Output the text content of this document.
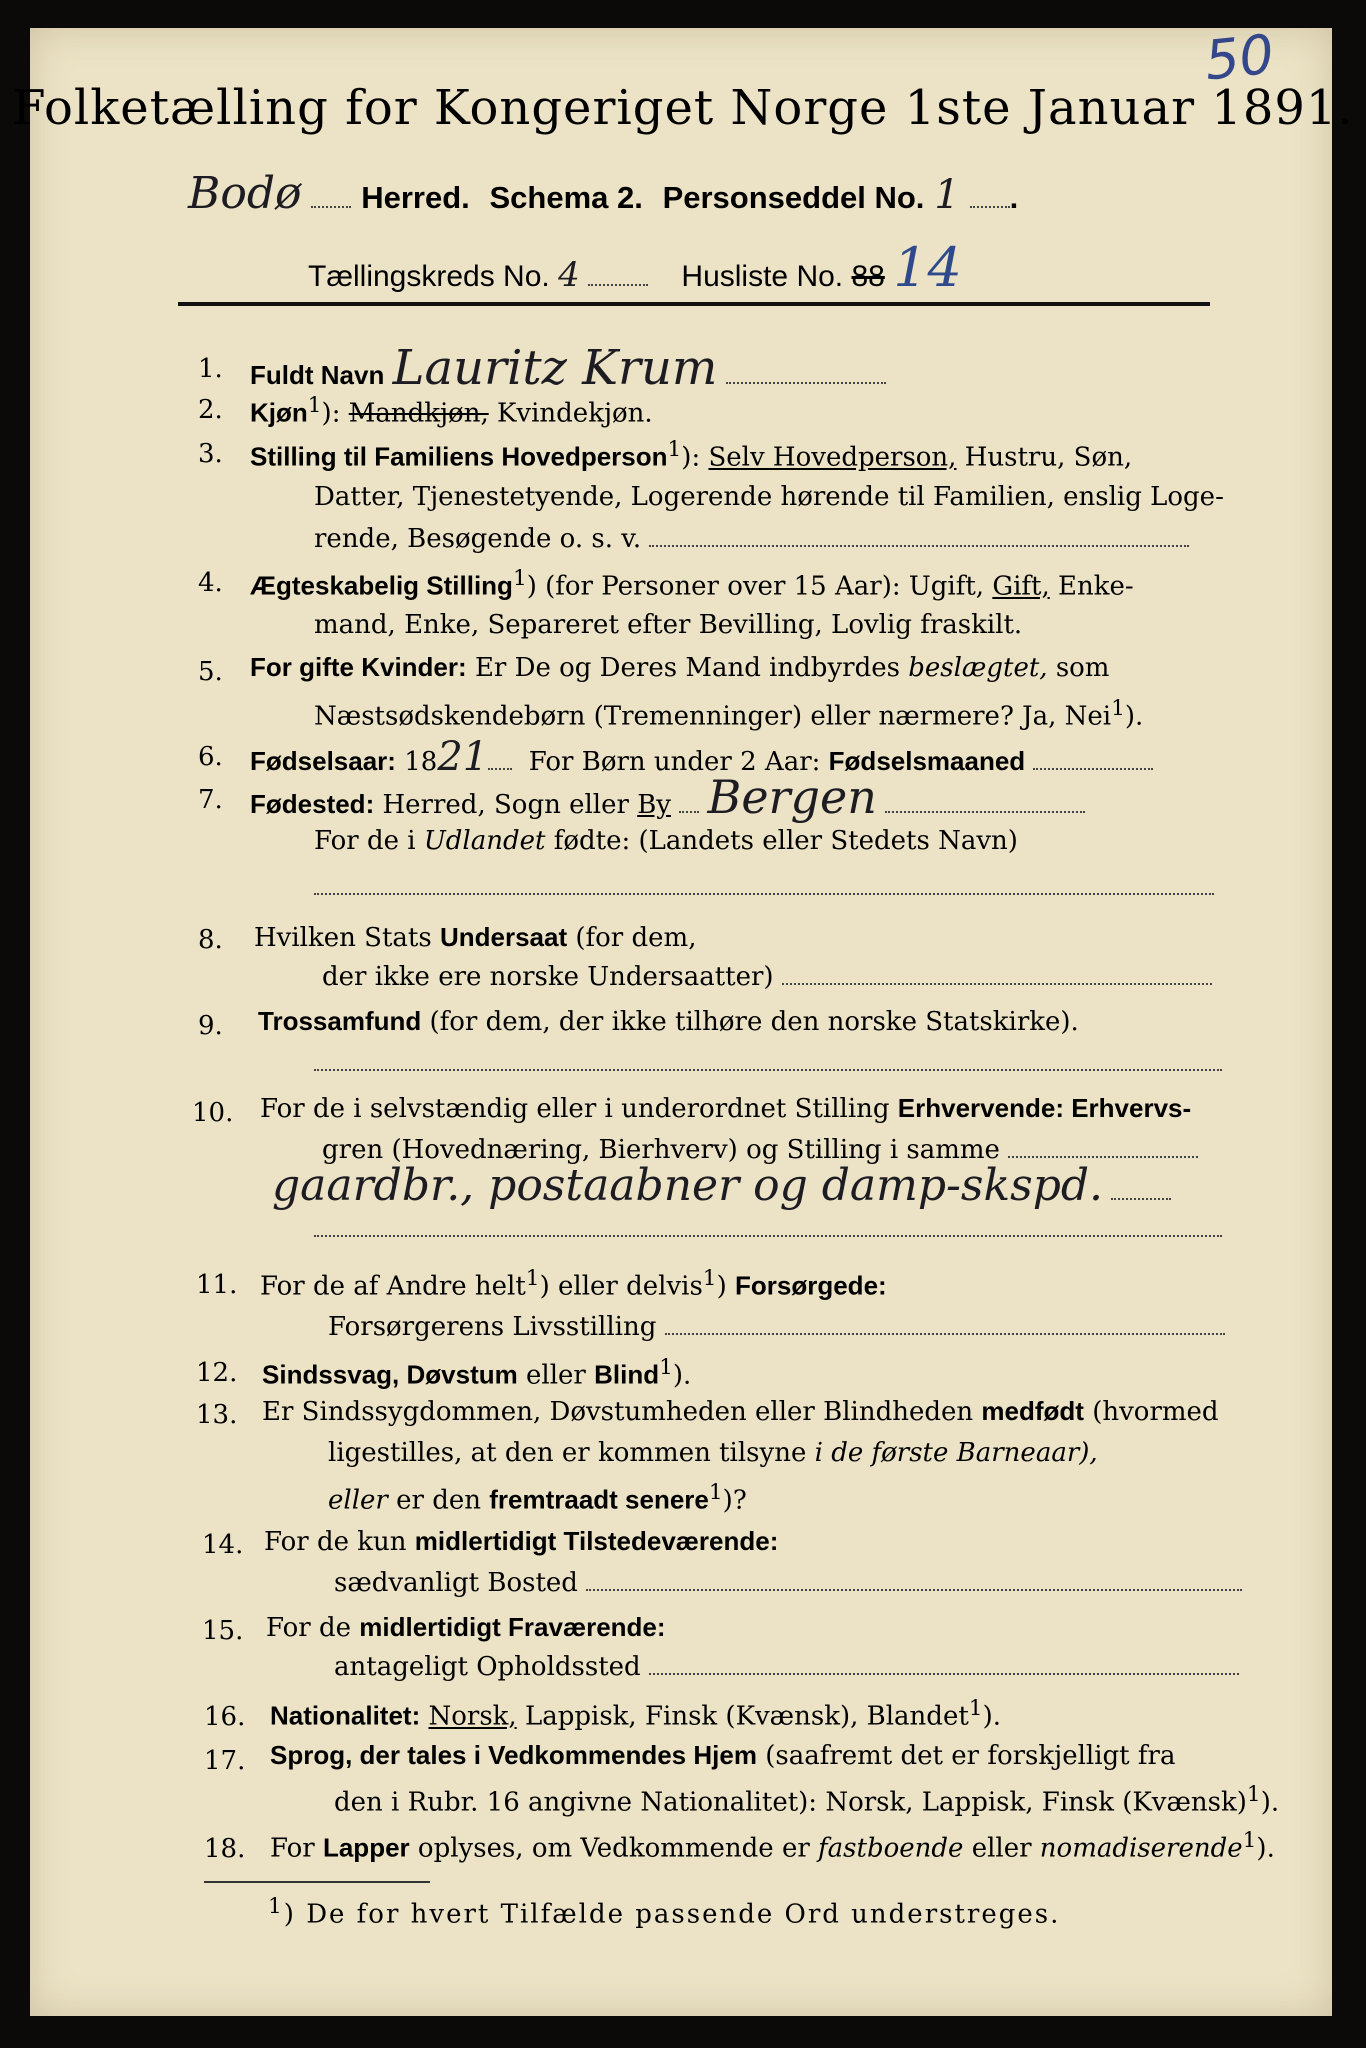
50
Folketælling for Kongeriget Norge 1ste Januar 1891.
Bodø Herred. Schema 2. Personseddel No. 1 .
Tællingskreds No. 4	Husliste No. 88 14
1. Fuldt Navn Lauritz Krum
2. Kjøn$^1$): Mandkjøn, Kvindekjøn.
3. Stilling til Familiens Hovedperson$^1$): Selv Hovedperson, Hustru, Søn,
Datter, Tjenestetyende, Logerende hørende til Familien, enslig Loge-
rende, Besøgende o. s. v.
4. Ægteskabelig Stilling$^1$) (for Personer over 15 Aar): Ugift, Gift, Enke-
mand, Enke, Separeret efter Bevilling, Lovlig fraskilt.
5. For gifte Kvinder: Er De og Deres Mand indbyrdes beslægtet, som
Næstsødskendebørn (Tremenninger) eller nærmere? Ja, Nei$^1$).
6. Fødselsaar: 1821 For Børn under 2 Aar: Fødselsmaaned
7. Fødested: Herred, Sogn eller By Bergen
For de i Udlandet fødte: (Landets eller Stedets Navn)
8. Hvilken Stats Undersaat (for dem,
der ikke ere norske Undersaatter)
9. Trossamfund (for dem, der ikke tilhøre den norske Statskirke).
10. For de i selvstændig eller i underordnet Stilling Erhvervende: Erhvervs-
gren (Hovednæring, Bierhverv) og Stilling i samme
gaardbr., postaabner og damp-skspd.
11. For de af Andre helt$^1$) eller delvis$^1$) Forsørgede:
Forsørgerens Livsstilling
12. Sindssvag, Døvstum eller Blind$^1$).
13. Er Sindssygdommen, Døvstumheden eller Blindheden medfødt (hvormed
ligestilles, at den er kommen tilsyne i de første Barneaar),
eller er den fremtraadt senere$^1$)?
14. For de kun midlertidigt Tilstedeværende:
sædvanligt Bosted
15. For de midlertidigt Fraværende:
antageligt Opholdssted
16. Nationalitet: Norsk, Lappisk, Finsk (Kvænsk), Blandet$^1$).
17. Sprog, der tales i Vedkommendes Hjem (saafremt det er forskjelligt fra
den i Rubr. 16 angivne Nationalitet): Norsk, Lappisk, Finsk (Kvænsk)$^1$).
18. For Lapper oplyses, om Vedkommende er fastboende eller nomadiserende$^1$).
$^1$) De for hvert Tilfælde passende Ord understreges.
